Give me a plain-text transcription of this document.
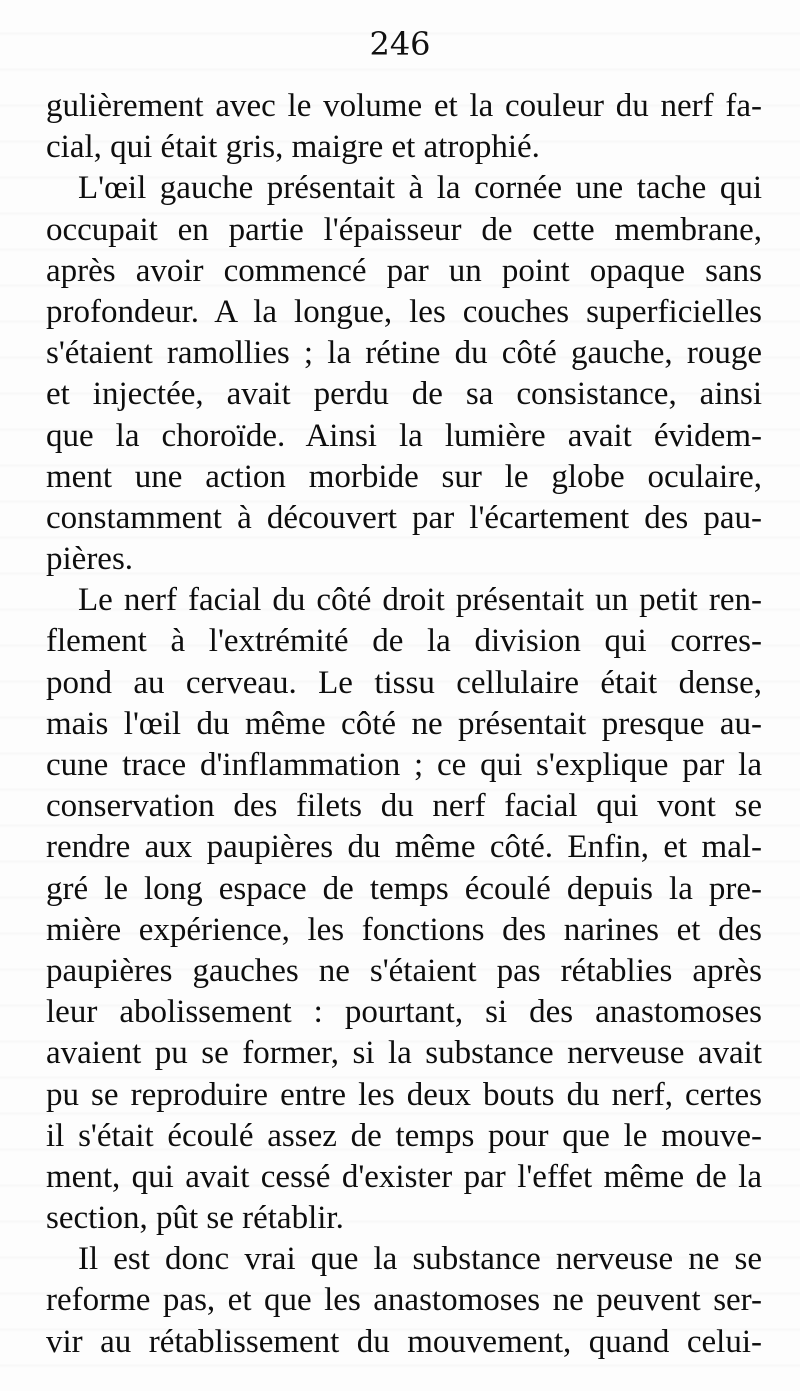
246
gulièrement avec le volume et la couleur du nerf fa-
cial, qui était gris, maigre et atrophié.
L'œil gauche présentait à la cornée une tache qui
occupait en partie l'épaisseur de cette membrane,
après avoir commencé par un point opaque sans
profondeur. A la longue, les couches superficielles
s'étaient ramollies ; la rétine du côté gauche, rouge
et injectée, avait perdu de sa consistance, ainsi
que la choroïde. Ainsi la lumière avait évidem-
ment une action morbide sur le globe oculaire,
constamment à découvert par l'écartement des pau-
pières.
Le nerf facial du côté droit présentait un petit ren-
flement à l'extrémité de la division qui corres-
pond au cerveau. Le tissu cellulaire était dense,
mais l'œil du même côté ne présentait presque au-
cune trace d'inflammation ; ce qui s'explique par la
conservation des filets du nerf facial qui vont se
rendre aux paupières du même côté. Enfin, et mal-
gré le long espace de temps écoulé depuis la pre-
mière expérience, les fonctions des narines et des
paupières gauches ne s'étaient pas rétablies après
leur abolissement : pourtant, si des anastomoses
avaient pu se former, si la substance nerveuse avait
pu se reproduire entre les deux bouts du nerf, certes
il s'était écoulé assez de temps pour que le mouve-
ment, qui avait cessé d'exister par l'effet même de la
section, pût se rétablir.
Il est donc vrai que la substance nerveuse ne se
reforme pas, et que les anastomoses ne peuvent ser-
vir au rétablissement du mouvement, quand celui-
